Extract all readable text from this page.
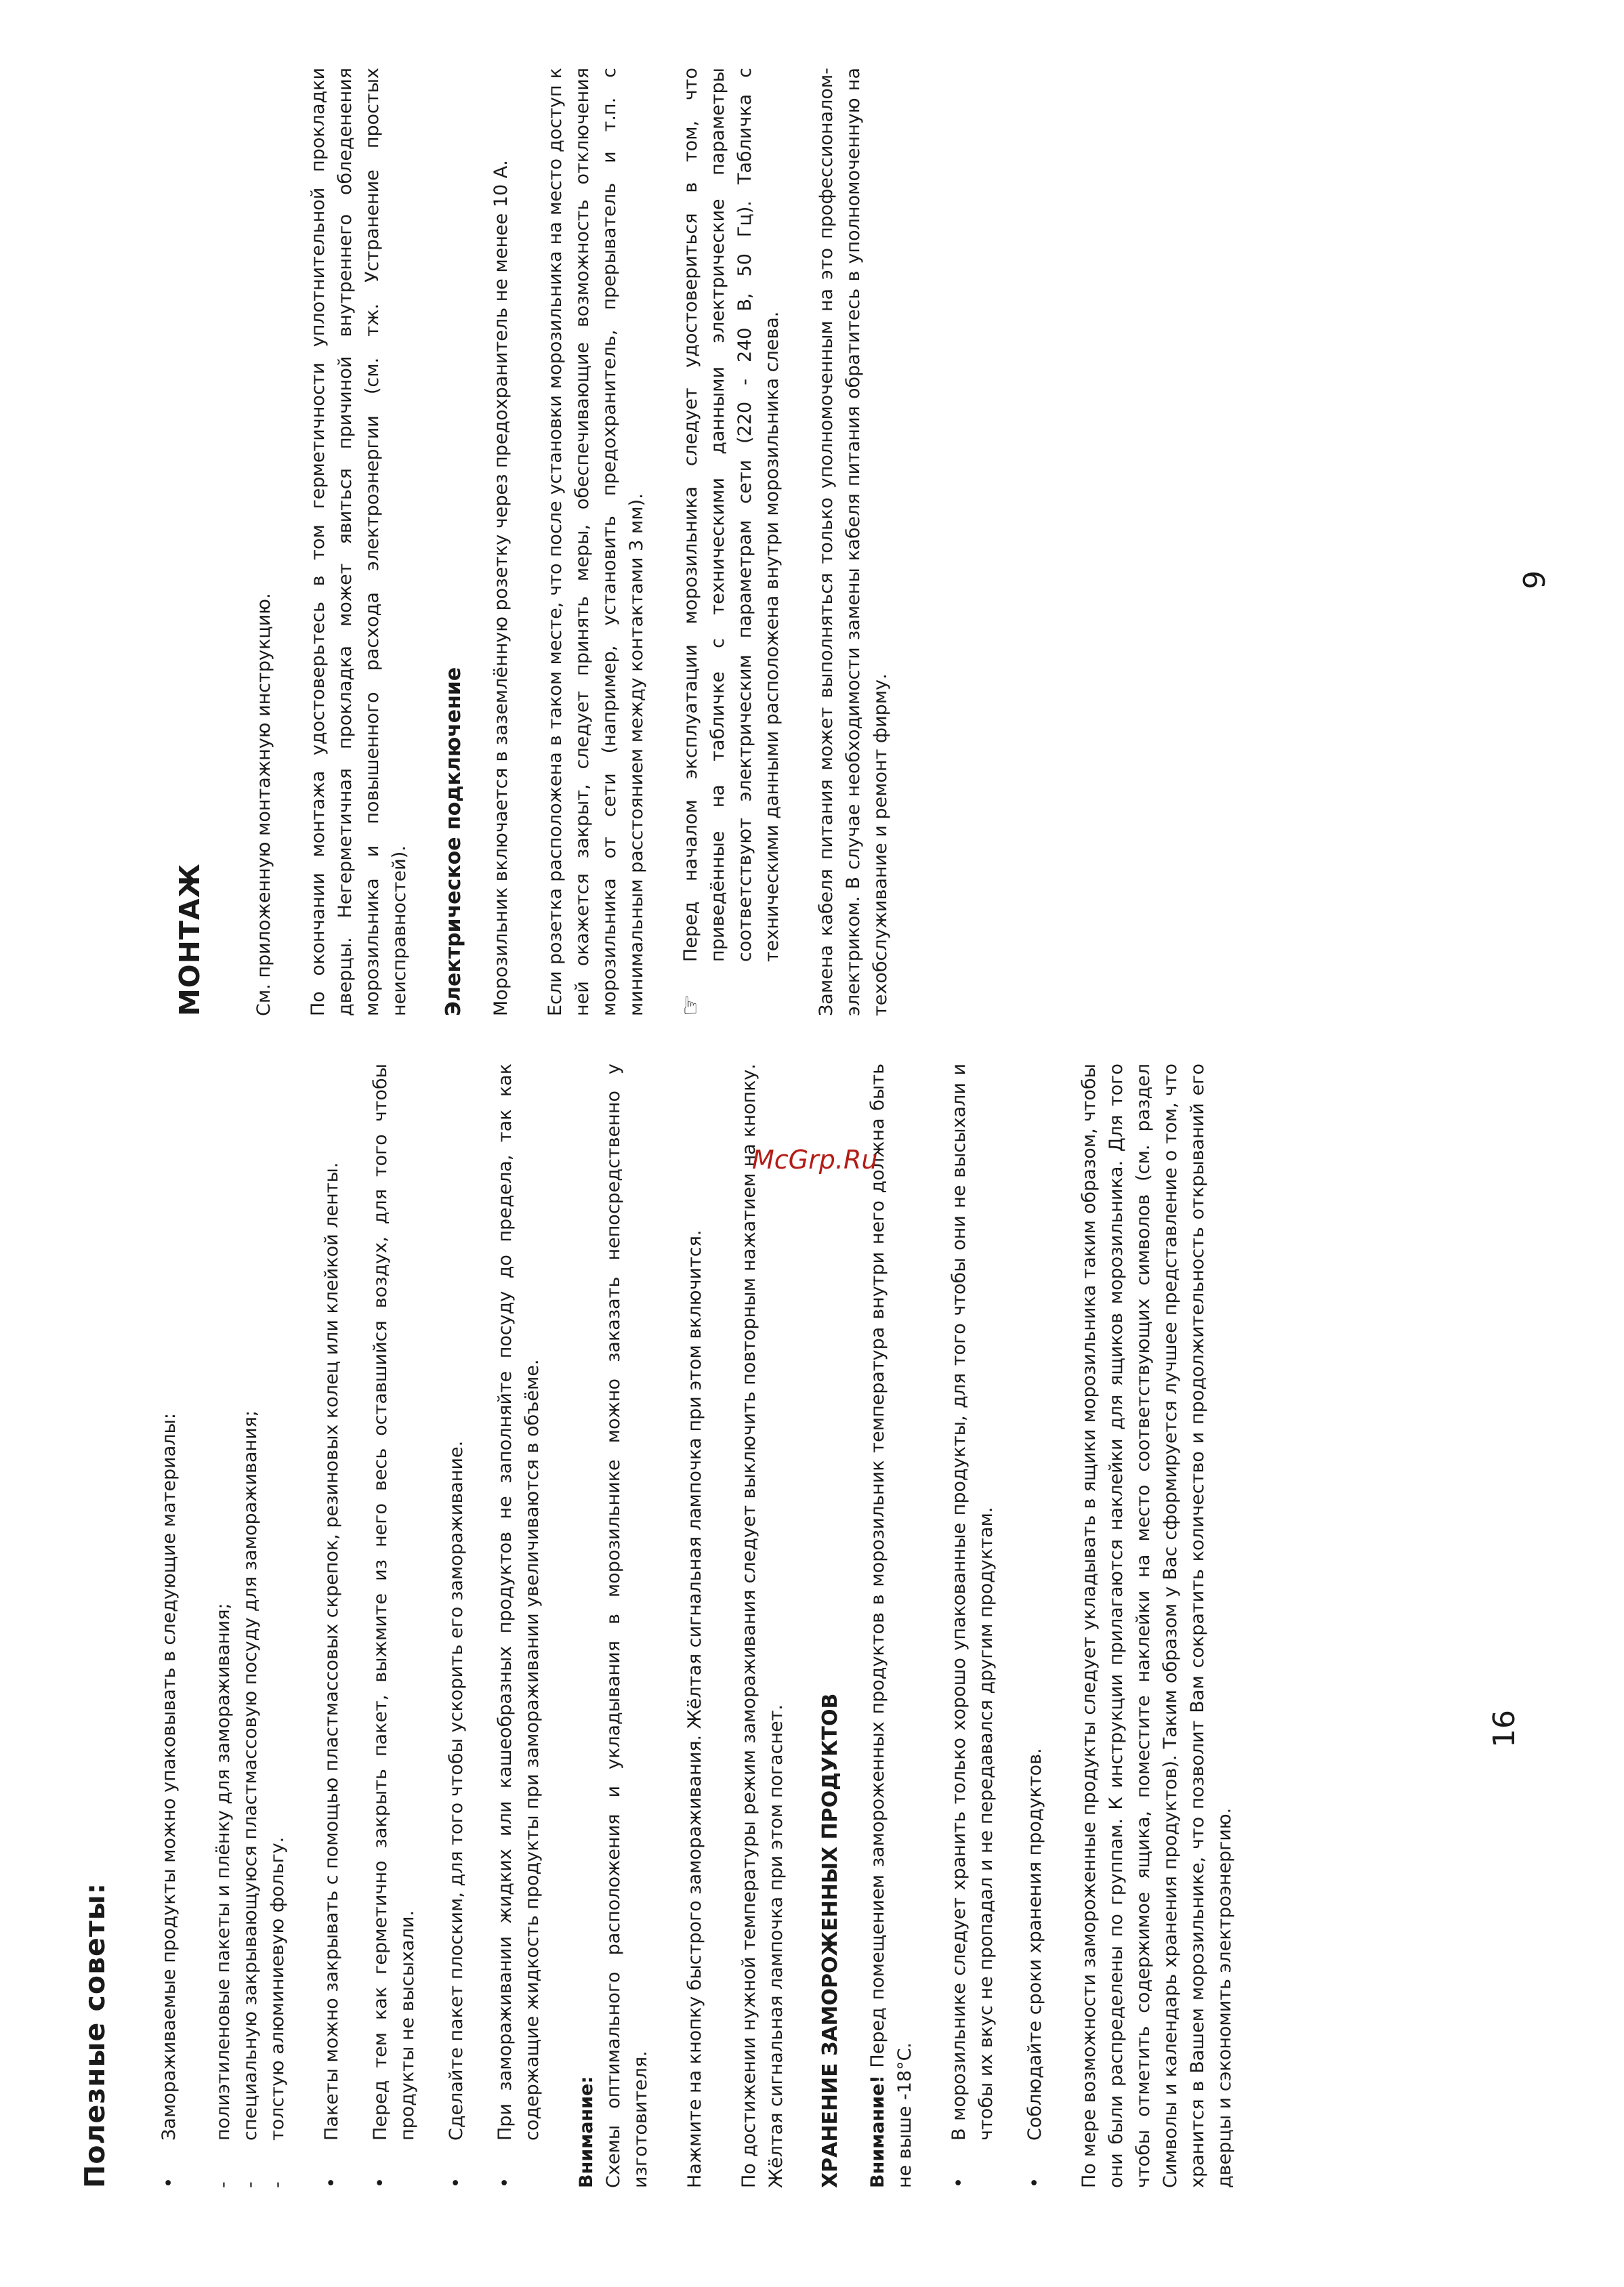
Полезные советы:	•
Замораживаемые продукты можно упаковывать в следующие материалы:
-
полиэтиленовые пакеты и плёнку для замораживания;
-
специальную закрывающуюся пластмассовую посуду для замораживания;
-
толстую алюминиевую фольгу.
•
Пакеты можно закрывать с помощью пластмассовых скрепок, резиновых колец или клейкой ленты.
•
Перед тем как герметично закрыть пакет, выжмите из него весь оставшийся воздух, для того чтобы продукты не высыхали.
•
Сделайте пакет плоским, для того чтобы ускорить его замораживание.
•
При замораживании жидких или кашеобразных продуктов не заполняйте посуду до предела, так как содержащие жидкость продукты при замораживании увеличиваются в объёме. Внимание: Схемы оптимального расположения и укладывания в морозильнике можно заказать непосредственно у изготовителя. Нажмите на кнопку быстрого замораживания. Жёлтая сигнальная лампочка при этом включится. По достижении нужной температуры режим замораживания следует выключить повторным нажатием на кнопку. Жёлтая сигнальная лампочка при этом погаснет. ХРАНЕНИЕ ЗАМОРОЖЕННЫХ ПРОДУКТОВ Внимание! Перед помещением замороженных продуктов в морозильник температура внутри него должна быть не выше -18°С. •
В морозильнике следует хранить только хорошо упакованные продукты, для того чтобы они не высыхали и чтобы их вкус не пропадал и не передавался другим продуктам.
•
Соблюдайте сроки хранения продуктов. По мере возможности замороженные продукты следует укладывать в ящики морозильника таким образом, чтобы они были распределены по группам. К инструкции прилагаются наклейки для ящиков морозильника. Для того чтобы отметить содержимое ящика, поместите наклейки на место соответствующих символов (см. раздел Символы и календарь хранения продуктов). Таким образом у Вас сформируется лучшее представление о том, что хранится в Вашем морозильнике, что позволит Вам сократить количество и продолжительность открываний его дверцы и сэкономить электроэнергию.

МОНТАЖ	См. приложенную монтажную инструкцию. По окончании монтажа удостоверьтесь в том герметичности уплотнительной прокладки дверцы. Негерметичная прокладка может явиться причиной внутреннего обледенения морозильника и повышенного расхода электроэнергии (см. тж. Устранение простых неисправностей). Электрическое подключение Морозильник включается в заземлённую розетку через предохранитель не менее 10 А. Если розетка расположена в таком месте, что после установки морозильника на место доступ к ней окажется закрыт, следует принять меры, обеспечивающие возможность отключения морозильника от сети (например, установить предохранитель, прерыватель и т.п. с минимальным расстоянием между контактами 3 мм). ☞
Перед началом эксплуатации морозильника следует удостовериться в том, что приведённые на табличке с техническими данными электрические параметры соответствуют электрическим параметрам сети (220 - 240 В, 50 Гц). Табличка с техническими данными расположена внутри морозильника слева. Замена кабеля питания может выполняться только уполномоченным на это профессионалом-электриком. В случае необходимости замены кабеля питания обратитесь в уполномоченную на техобслуживание и ремонт фирму.

16
9
McGrp.Ru
